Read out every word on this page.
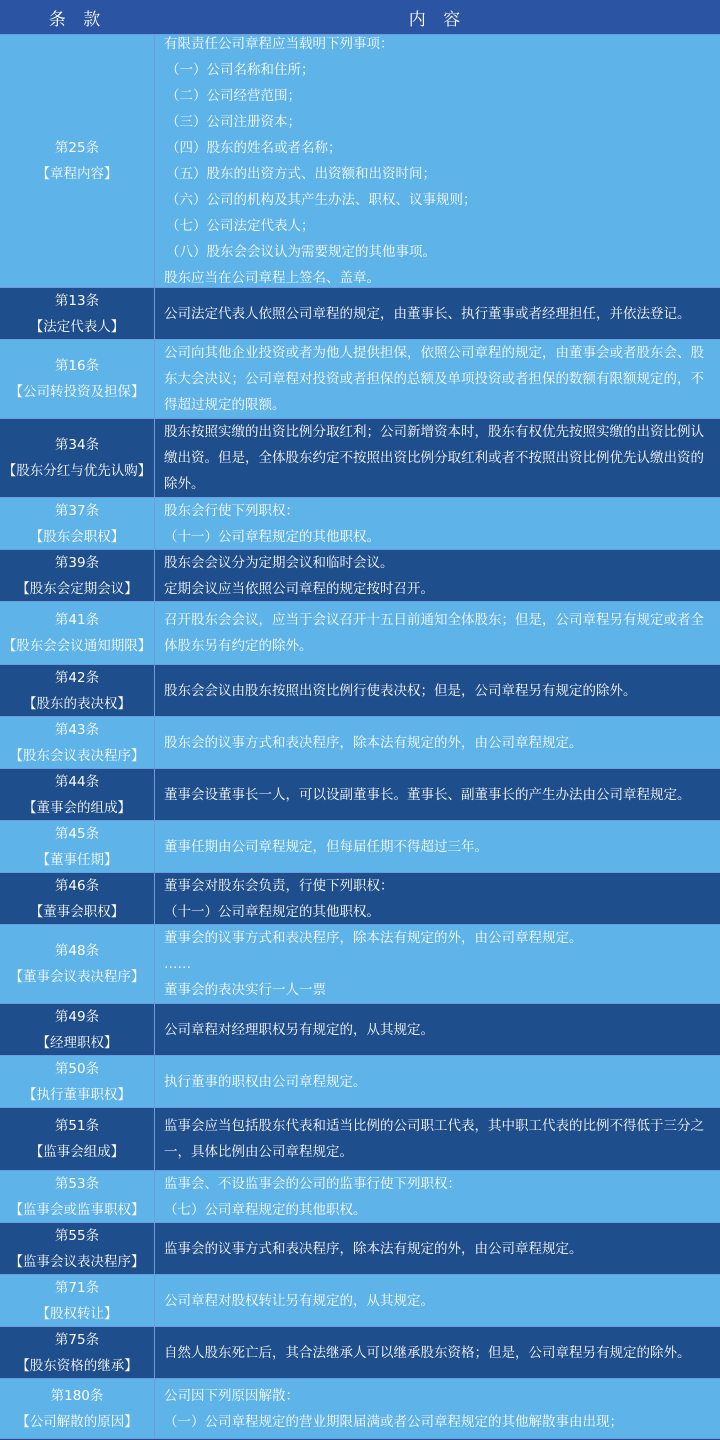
条 款	内 容
第25条
【章程内容】
有限责任公司章程应当载明下列事项：
（一）公司名称和住所；
（二）公司经营范围；
（三）公司注册资本；
（四）股东的姓名或者名称；
（五）股东的出资方式、出资额和出资时间；
（六）公司的机构及其产生办法、职权、议事规则；
（七）公司法定代表人；
（八）股东会会议认为需要规定的其他事项。
股东应当在公司章程上签名、盖章。
第13条
【法定代表人】
公司法定代表人依照公司章程的规定，由董事长、执行董事或者经理担任，并依法登记。
第16条
【公司转投资及担保】
公司向其他企业投资或者为他人提供担保，依照公司章程的规定，由董事会或者股东会、股东大会决议；公司章程对投资或者担保的总额及单项投资或者担保的数额有限额规定的，不得超过规定的限额。
第34条
【股东分红与优先认购】
股东按照实缴的出资比例分取红利；公司新增资本时，股东有权优先按照实缴的出资比例认缴出资。但是，全体股东约定不按照出资比例分取红利或者不按照出资比例优先认缴出资的除外。
第37条
【股东会职权】
股东会行使下列职权：
（十一）公司章程规定的其他职权。
第39条
【股东会定期会议】
股东会会议分为定期会议和临时会议。
定期会议应当依照公司章程的规定按时召开。
第41条
【股东会会议通知期限】
召开股东会会议，应当于会议召开十五日前通知全体股东；但是，公司章程另有规定或者全体股东另有约定的除外。
第42条
【股东的表决权】
股东会会议由股东按照出资比例行使表决权；但是，公司章程另有规定的除外。
第43条
【股东会议表决程序】
股东会的议事方式和表决程序，除本法有规定的外，由公司章程规定。
第44条
【董事会的组成】
董事会设董事长一人，可以设副董事长。董事长、副董事长的产生办法由公司章程规定。
第45条
【董事任期】
董事任期由公司章程规定，但每届任期不得超过三年。
第46条
【董事会职权】
董事会对股东会负责，行使下列职权：
（十一）公司章程规定的其他职权。
第48条
【董事会议表决程序】
董事会的议事方式和表决程序，除本法有规定的外，由公司章程规定。
……
董事会的表决实行一人一票
第49条
【经理职权】
公司章程对经理职权另有规定的，从其规定。
第50条
【执行董事职权】
执行董事的职权由公司章程规定。
第51条
【监事会组成】
监事会应当包括股东代表和适当比例的公司职工代表，其中职工代表的比例不得低于三分之一，具体比例由公司章程规定。
第53条
【监事会或监事职权】
监事会、不设监事会的公司的监事行使下列职权：
（七）公司章程规定的其他职权。
第55条
【监事会议表决程序】
监事会的议事方式和表决程序，除本法有规定的外，由公司章程规定。
第71条
【股权转让】
公司章程对股权转让另有规定的，从其规定。
第75条
【股东资格的继承】
自然人股东死亡后，其合法继承人可以继承股东资格；但是，公司章程另有规定的除外。
第180条
【公司解散的原因】
公司因下列原因解散：
（一）公司章程规定的营业期限届满或者公司章程规定的其他解散事由出现；
